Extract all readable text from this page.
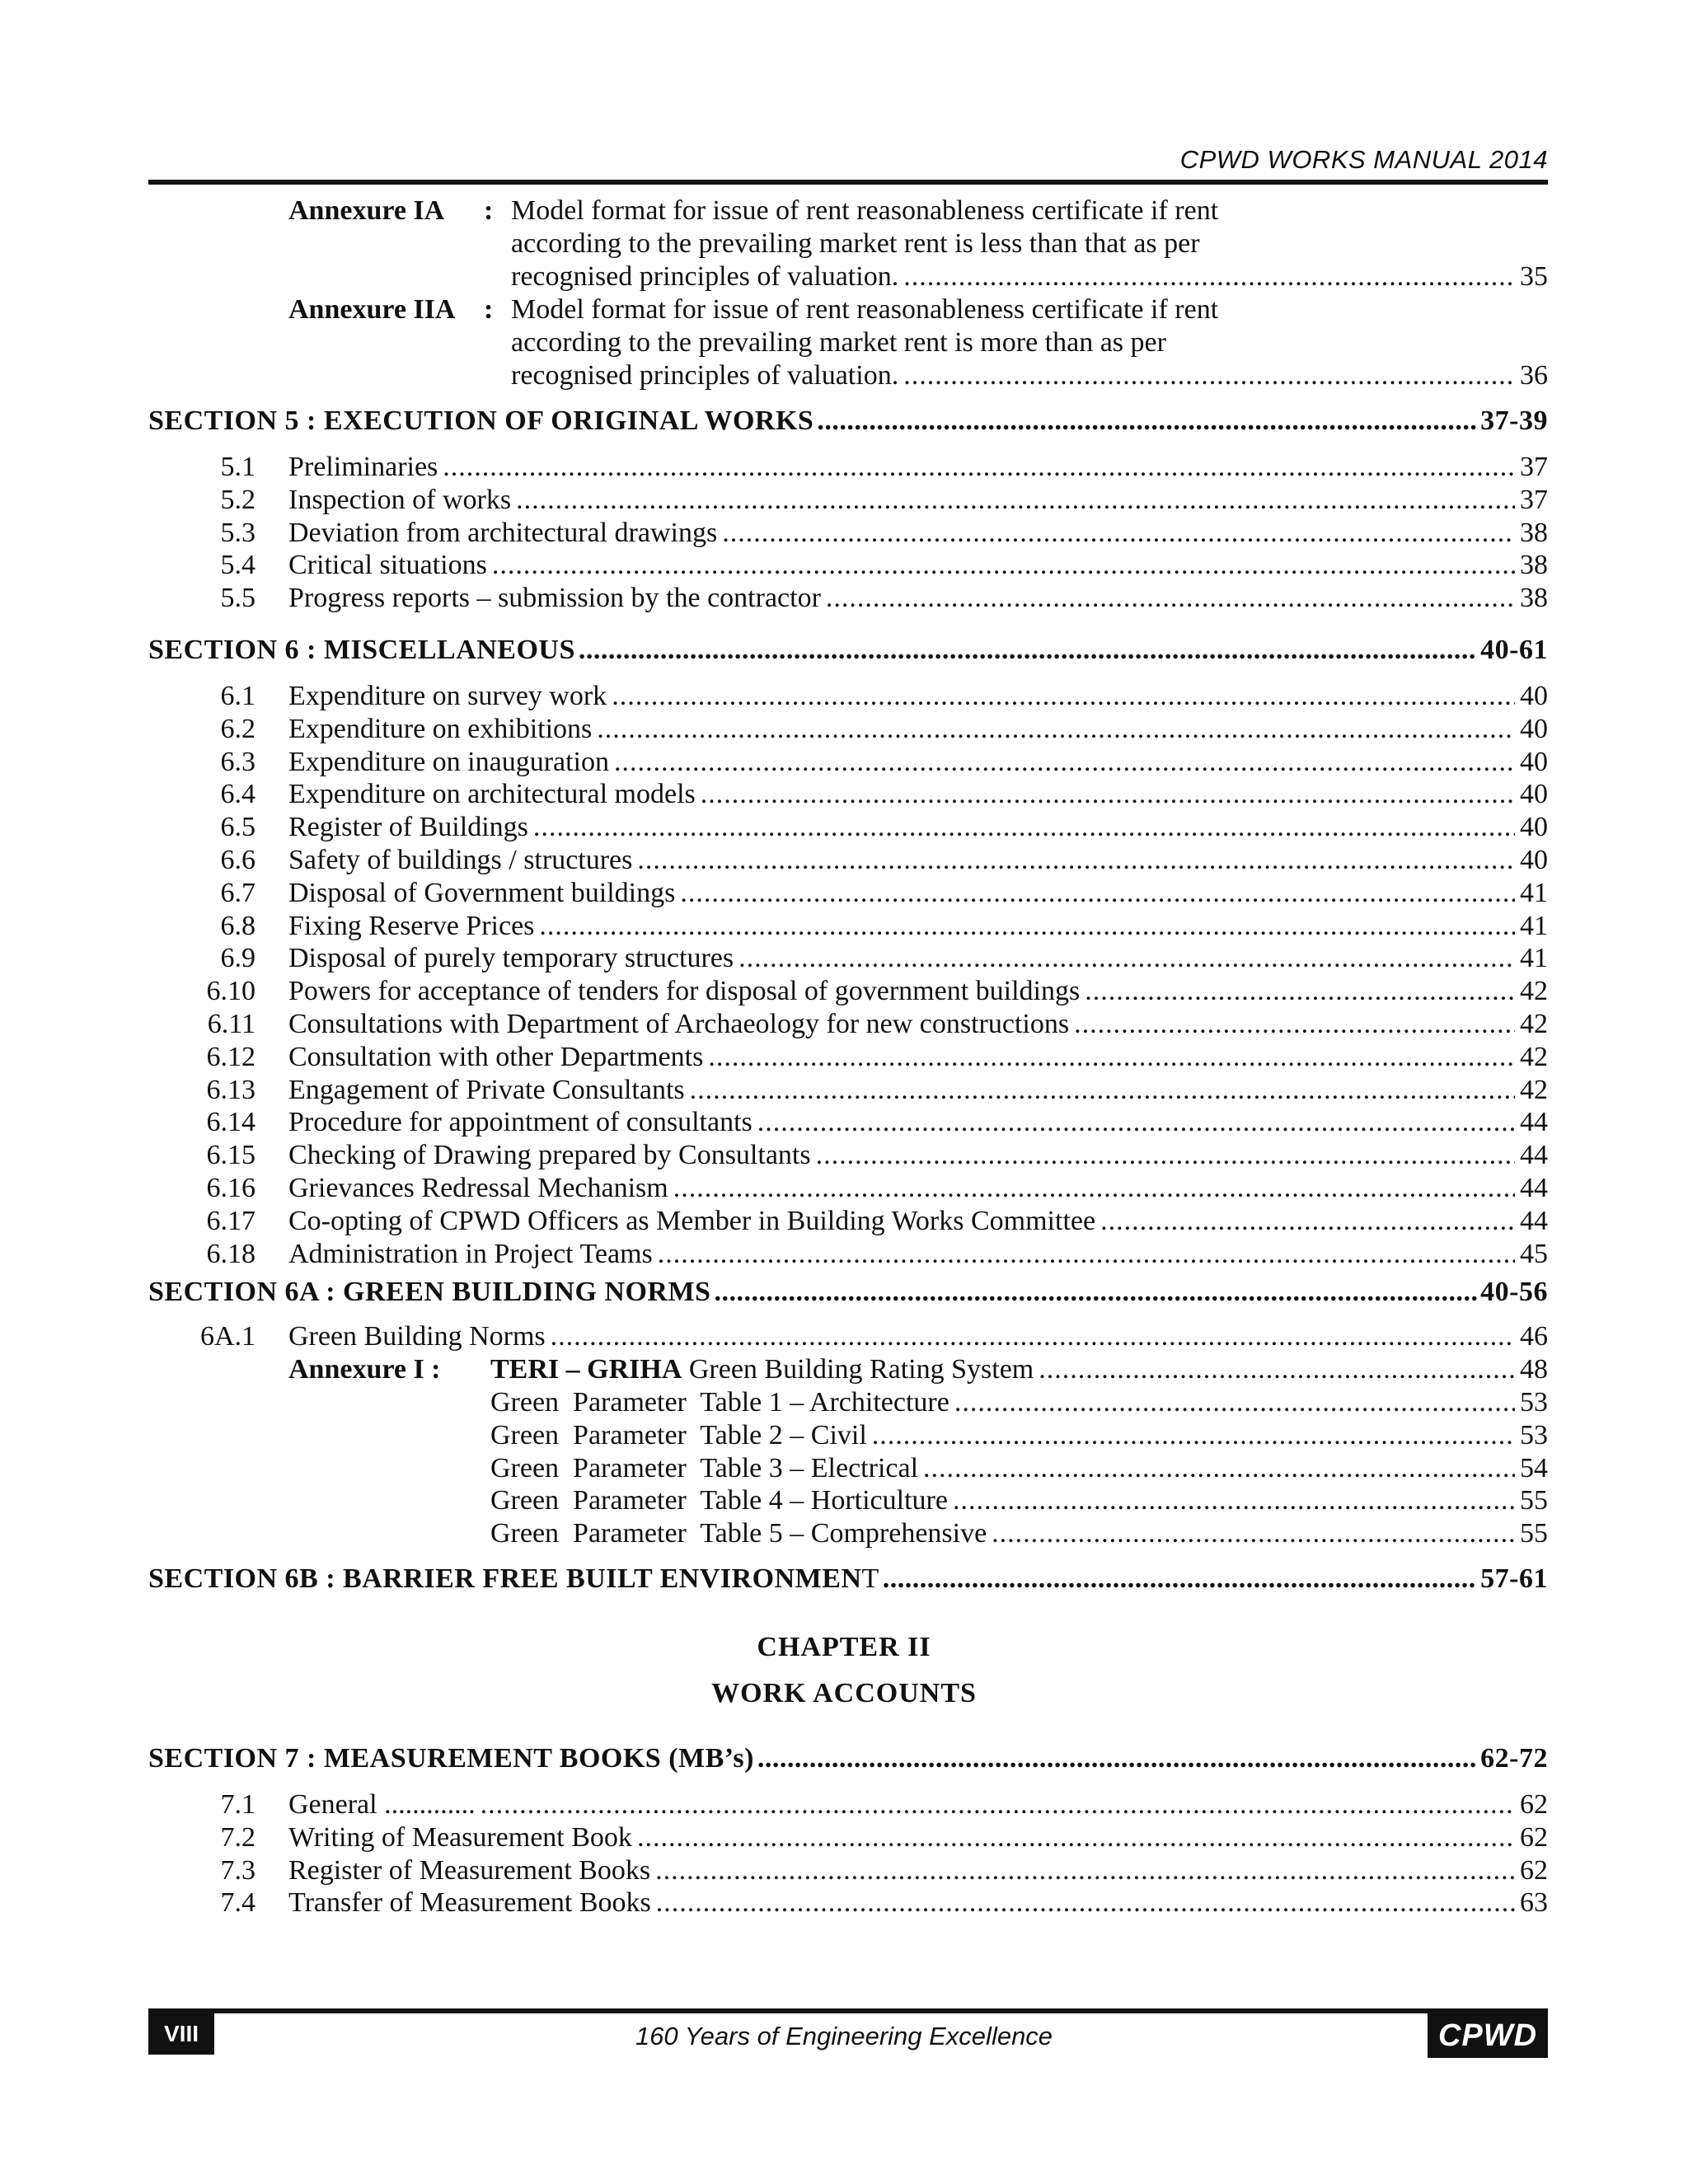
CPWD WORKS MANUAL 2014
Annexure IA : Model format for issue of rent reasonableness certificate if rent
according to the prevailing market rent is less than that as per
recognised principles of valuation. .....	35
Annexure IIA : Model format for issue of rent reasonableness certificate if rent
according to the prevailing market rent is more than as per
recognised principles of valuation. .....	36
SECTION 5 : EXECUTION OF ORIGINAL WORKS .....	37-39
5.1 Preliminaries .....	37
5.2 Inspection of works .....	37
5.3 Deviation from architectural drawings .....	38
5.4 Critical situations .....	38
5.5 Progress reports – submission by the contractor .....	38
SECTION 6 : MISCELLANEOUS .....	40-61
6.1 Expenditure on survey work .....	40
6.2 Expenditure on exhibitions .....	40
6.3 Expenditure on inauguration .....	40
6.4 Expenditure on architectural models .....	40
6.5 Register of Buildings .....	40
6.6 Safety of buildings / structures .....	40
6.7 Disposal of Government buildings .....	41
6.8 Fixing Reserve Prices .....	41
6.9 Disposal of purely temporary structures .....	41
6.10 Powers for acceptance of tenders for disposal of government buildings .....	42
6.11 Consultations with Department of Archaeology for new constructions .....	42
6.12 Consultation with other Departments .....	42
6.13 Engagement of Private Consultants .....	42
6.14 Procedure for appointment of consultants .....	44
6.15 Checking of Drawing prepared by Consultants .....	44
6.16 Grievances Redressal Mechanism .....	44
6.17 Co-opting of CPWD Officers as Member in Building Works Committee .....	44
6.18 Administration in Project Teams .....	45
SECTION 6A : GREEN BUILDING NORMS .....	40-56
6A.1 Green Building Norms .....	46
Annexure I : TERI – GRIHA Green Building Rating System .....	48
Green  Parameter  Table 1 – Architecture .....	53
Green  Parameter  Table 2 – Civil .....	53
Green  Parameter  Table 3 – Electrical .....	54
Green  Parameter  Table 4 – Horticulture .....	55
Green  Parameter  Table 5 – Comprehensive .....	55
SECTION 6B : BARRIER FREE BUILT ENVIRONMENT .....	57-61
CHAPTER II
WORK ACCOUNTS
SECTION 7 : MEASUREMENT BOOKS (MB’s) .....	62-72
7.1 General ............. .....	62
7.2 Writing of Measurement Book .....	62
7.3 Register of Measurement Books .....	62
7.4 Transfer of Measurement Books .....	63
VIII	160 Years of Engineering Excellence	CPWD
